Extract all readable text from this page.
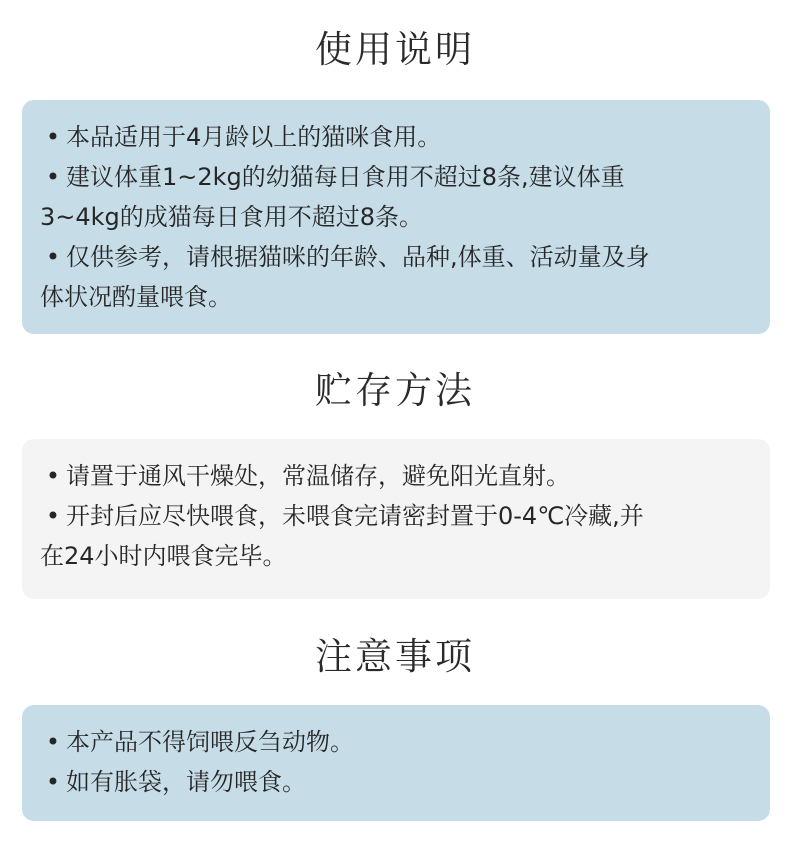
使用说明
• 本品适用于4月龄以上的猫咪食用。
• 建议体重1~2kg的幼猫每日食用不超过8条,建议体重
3~4kg的成猫每日食用不超过8条。
• 仅供参考，请根据猫咪的年龄、品种,体重、活动量及身
体状况酌量喂食。
贮存方法
• 请置于通风干燥处，常温储存，避免阳光直射。
• 开封后应尽快喂食，未喂食完请密封置于0-4℃冷藏,并
在24小时内喂食完毕。
注意事项
• 本产品不得饲喂反刍动物。
• 如有胀袋，请勿喂食。
